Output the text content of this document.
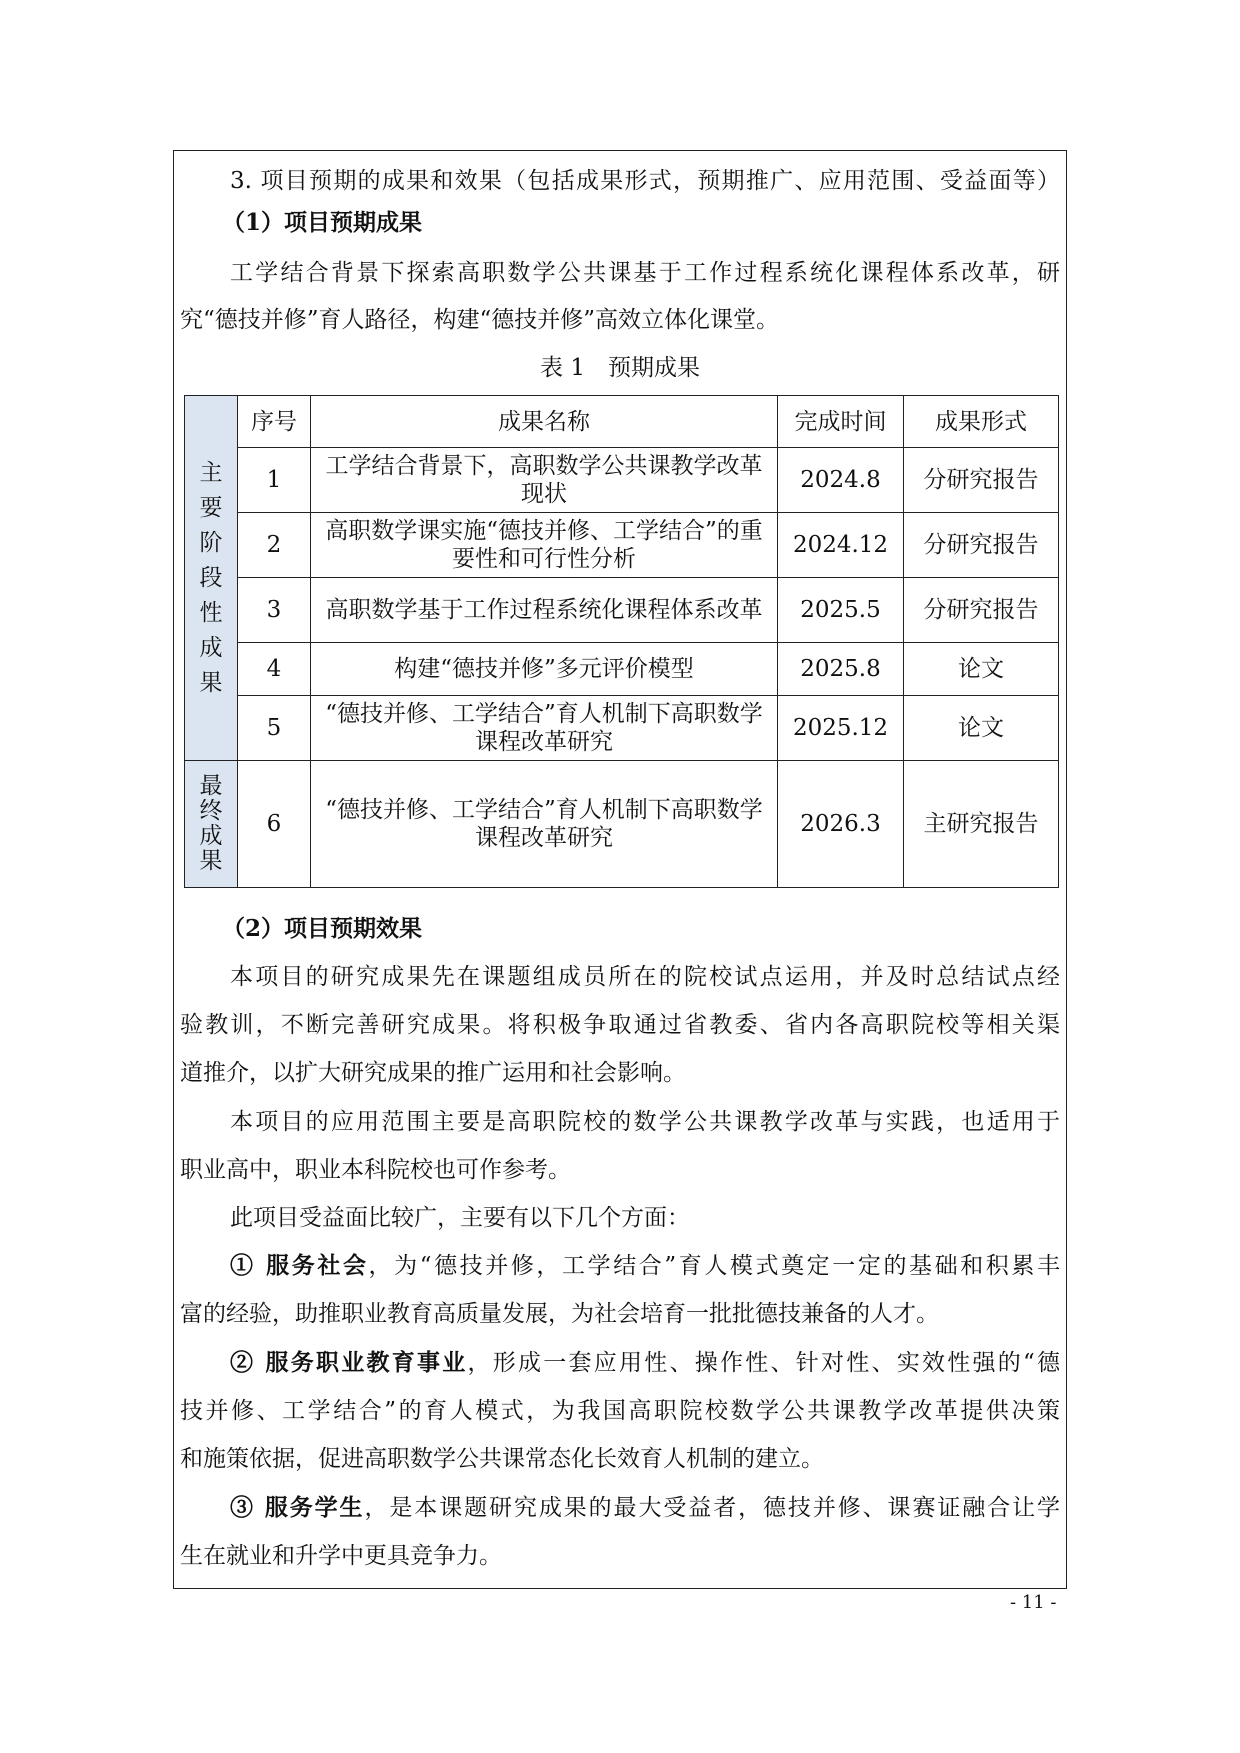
3. 项目预期的成果和效果（包括成果形式，预期推广、应用范围、受益面等）
（1）项目预期成果
工学结合背景下探索高职数学公共课基于工作过程系统化课程体系改革，研
究“德技并修”育人路径，构建“德技并修”高效立体化课堂。
表 1　预期成果
主要阶段性成果	序号	成果名称	完成时间	成果形式
	1	工学结合背景下，高职数学公共课教学改革现状	2024.8	分研究报告
	2	高职数学课实施“德技并修、工学结合”的重要性和可行性分析	2024.12	分研究报告
	3	高职数学基于工作过程系统化课程体系改革	2025.5	分研究报告
	4	构建“德技并修”多元评价模型	2025.8	论文
	5	“德技并修、工学结合”育人机制下高职数学课程改革研究	2025.12	论文

最终成果	6	“德技并修、工学结合”育人机制下高职数学课程改革研究	2026.3	主研究报告
（2）项目预期效果
本项目的研究成果先在课题组成员所在的院校试点运用，并及时总结试点经
验教训，不断完善研究成果。将积极争取通过省教委、省内各高职院校等相关渠
道推介，以扩大研究成果的推广运用和社会影响。
本项目的应用范围主要是高职院校的数学公共课教学改革与实践，也适用于
职业高中，职业本科院校也可作参考。
此项目受益面比较广，主要有以下几个方面：
① 服务社会，为“德技并修，工学结合”育人模式奠定一定的基础和积累丰
富的经验，助推职业教育高质量发展，为社会培育一批批德技兼备的人才。
② 服务职业教育事业，形成一套应用性、操作性、针对性、实效性强的“德
技并修、工学结合”的育人模式，为我国高职院校数学公共课教学改革提供决策
和施策依据，促进高职数学公共课常态化长效育人机制的建立。
③ 服务学生，是本课题研究成果的最大受益者，德技并修、课赛证融合让学
生在就业和升学中更具竞争力。
- 11 -
